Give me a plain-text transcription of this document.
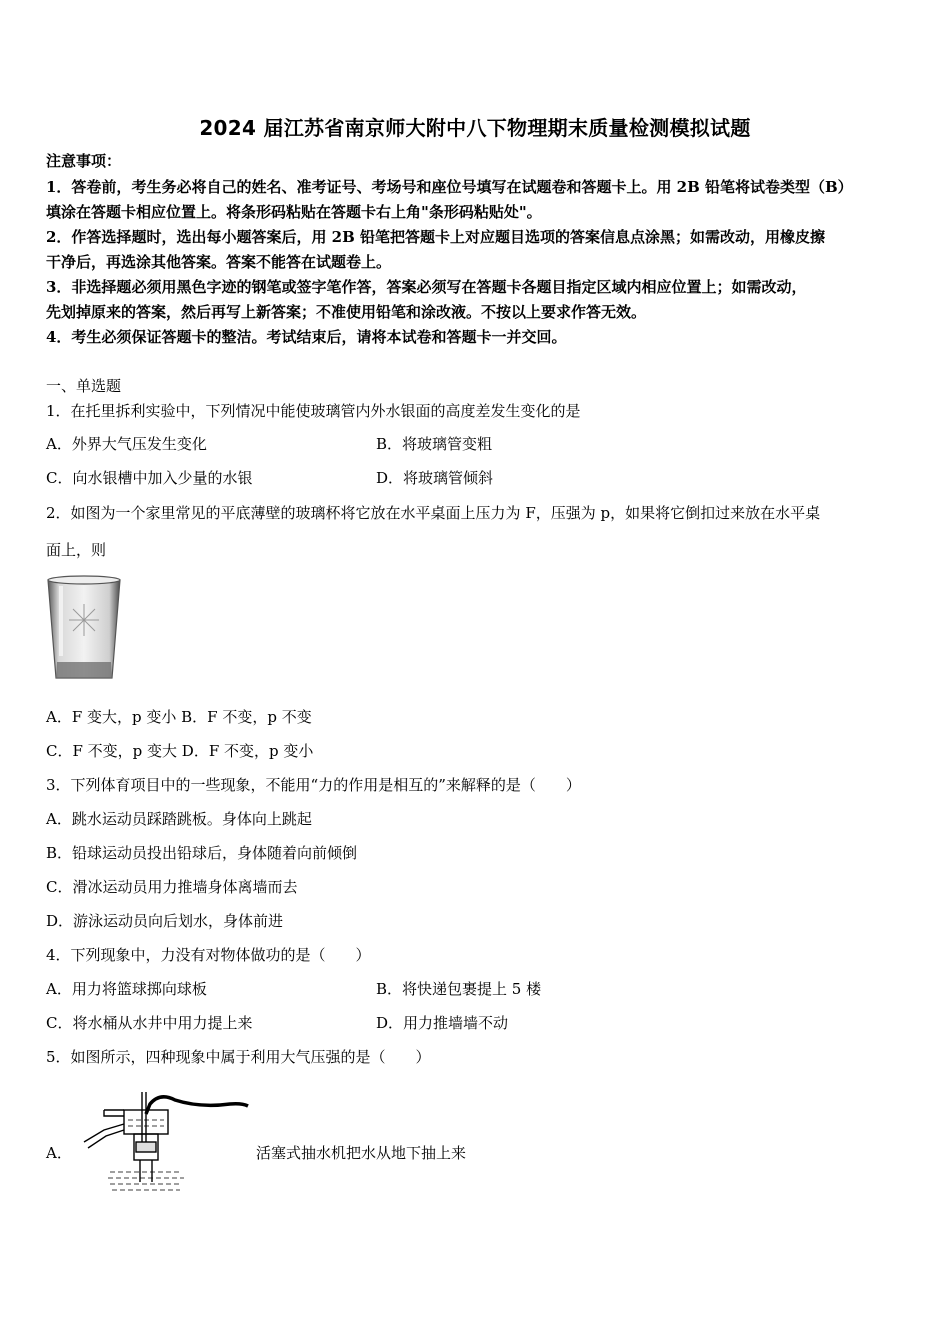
2024 届江苏省南京师大附中八下物理期末质量检测模拟试题
注意事项：
1．答卷前，考生务必将自己的姓名、准考证号、考场号和座位号填写在试题卷和答题卡上。用 2B 铅笔将试卷类型（B）
填涂在答题卡相应位置上。将条形码粘贴在答题卡右上角"条形码粘贴处"。
2．作答选择题时，选出每小题答案后，用 2B 铅笔把答题卡上对应题目选项的答案信息点涂黑；如需改动，用橡皮擦
干净后，再选涂其他答案。答案不能答在试题卷上。
3．非选择题必须用黑色字迹的钢笔或签字笔作答，答案必须写在答题卡各题目指定区域内相应位置上；如需改动，
先划掉原来的答案，然后再写上新答案；不准使用铅笔和涂改液。不按以上要求作答无效。
4．考生必须保证答题卡的整洁。考试结束后，请将本试卷和答题卡一并交回。
一、单选题
1．在托里拆利实验中，下列情况中能使玻璃管内外水银面的高度差发生变化的是
A．外界大气压发生变化	B．将玻璃管变粗
C．向水银槽中加入少量的水银	D．将玻璃管倾斜
2．如图为一个家里常见的平底薄壁的玻璃杯将它放在水平桌面上压力为 F，压强为 p，如果将它倒扣过来放在水平桌
面上，则
A．F 变大，p 变小 B．F 不变，p 不变
C．F 不变，p 变大 D．F 不变，p 变小
3．下列体育项目中的一些现象，不能用“力的作用是相互的”来解释的是（　　）
A．跳水运动员踩踏跳板。身体向上跳起
B．铅球运动员投出铅球后，身体随着向前倾倒
C．滑冰运动员用力推墙身体离墙而去
D．游泳运动员向后划水，身体前进
4．下列现象中，力没有对物体做功的是（　　）
A．用力将篮球掷向球板	B．将快递包裹提上 5 楼
C．将水桶从水井中用力提上来	D．用力推墙墙不动
5．如图所示，四种现象中属于利用大气压强的是（　　）
A．	活塞式抽水机把水从地下抽上来
